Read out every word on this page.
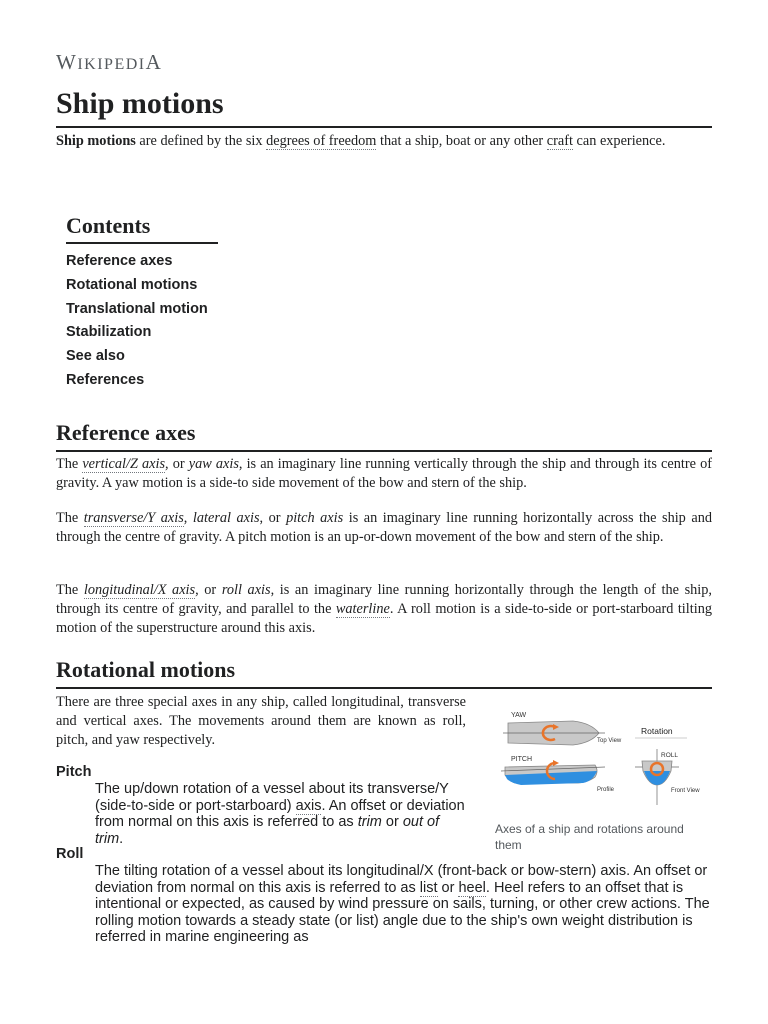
WIKIPEDIA
Ship motions

Ship motions are defined by the six degrees of freedom that a ship, boat or any other craft can experience.

Contents
Reference axes
Rotational motions
Translational motion
Stabilization
See also
References
Reference axes

The vertical/Z axis, or yaw axis, is an imaginary line running vertically through the ship and through its centre of gravity. A yaw motion is a side-to side movement of the bow and stern of the ship.

The transverse/Y axis, lateral axis, or pitch axis is an imaginary line running horizontally across the ship and through the centre of gravity. A pitch motion is an up-or-down movement of the bow and stern of the ship.

The longitudinal/X axis, or roll axis, is an imaginary line running horizontally through the length of the ship, through its centre of gravity, and parallel to the waterline. A roll motion is a side-to-side or port-starboard tilting motion of the superstructure around this axis.

Rotational motions

There are three special axes in any ship, called longitudinal, transverse and vertical axes. The movements around them are known as roll, pitch, and yaw respectively.

Pitch
The up/down rotation of a vessel about its transverse/Y (side-to-side or port-starboard) axis. An offset or deviation from normal on this axis is referred to as trim or out of trim.
Roll
The tilting rotation of a vessel about its longitudinal/X (front-back or bow-stern) axis. An offset or deviation from normal on this axis is referred to as list or heel. Heel refers to an offset that is intentional or expected, as caused by wind pressure on sails, turning, or other crew actions. The rolling motion towards a steady state (or list) angle due to the ship's own weight distribution is referred in marine engineering as
YAW
Top View
Rotation
PITCH
Profile
ROLL
Front View
Axes of a ship and rotations around them
